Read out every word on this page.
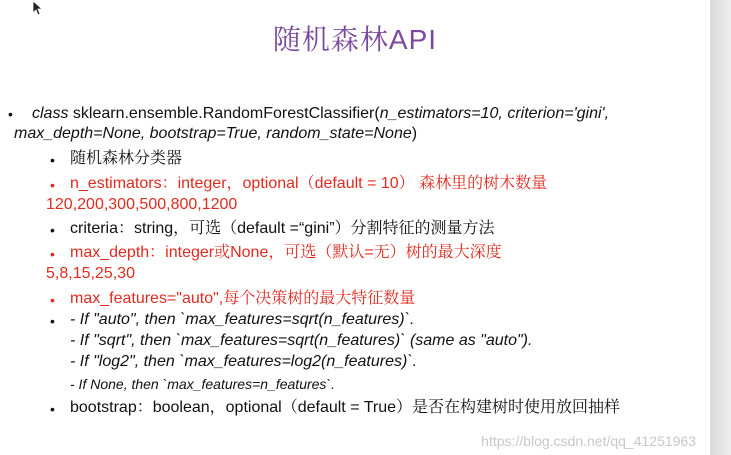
随机森林API
• class sklearn.ensemble.RandomForestClassifier(n_estimators=10, criterion='gini',
max_depth=None, bootstrap=True, random_state=None)
• 随机森林分类器
• n_estimators：integer，optional（default = 10） 森林里的树木数量
120,200,300,500,800,1200
• criteria：string，可选（default =“gini”）分割特征的测量方法
• max_depth：integer或None，可选（默认=无）树的最大深度
5,8,15,25,30
• max_features="auto",每个决策树的最大特征数量
• - If "auto", then `max_features=sqrt(n_features)`.
- If "sqrt", then `max_features=sqrt(n_features)` (same as "auto").
- If "log2", then `max_features=log2(n_features)`.
- If None, then `max_features=n_features`.
• bootstrap：boolean，optional（default = True）是否在构建树时使用放回抽样
https://blog.csdn.net/qq_41251963
